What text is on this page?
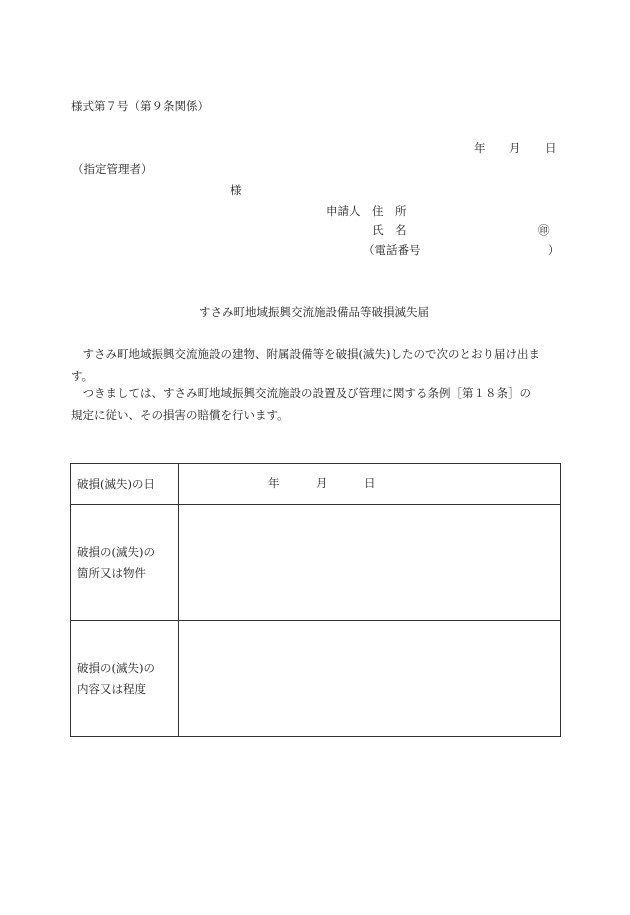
様式第７号（第９条関係）
年 月 日
（指定管理者）
様
申請人 住　所
氏　名	㊞
（電話番号	）
すさみ町地域振興交流施設備品等破損滅失届
　すさみ町地域振興交流施設の建物、附属設備等を破損(滅失)したので次のとおり届け出ま
す。
　つきましては、すさみ町地域振興交流施設の設置及び管理に関する条例［第１８条］の
規定に従い、その損害の賠償を行います。
破損(滅失)の日	年 月 日

破損の(滅失)の
箇所又は物件	

破損の(滅失)の
内容又は程度	
